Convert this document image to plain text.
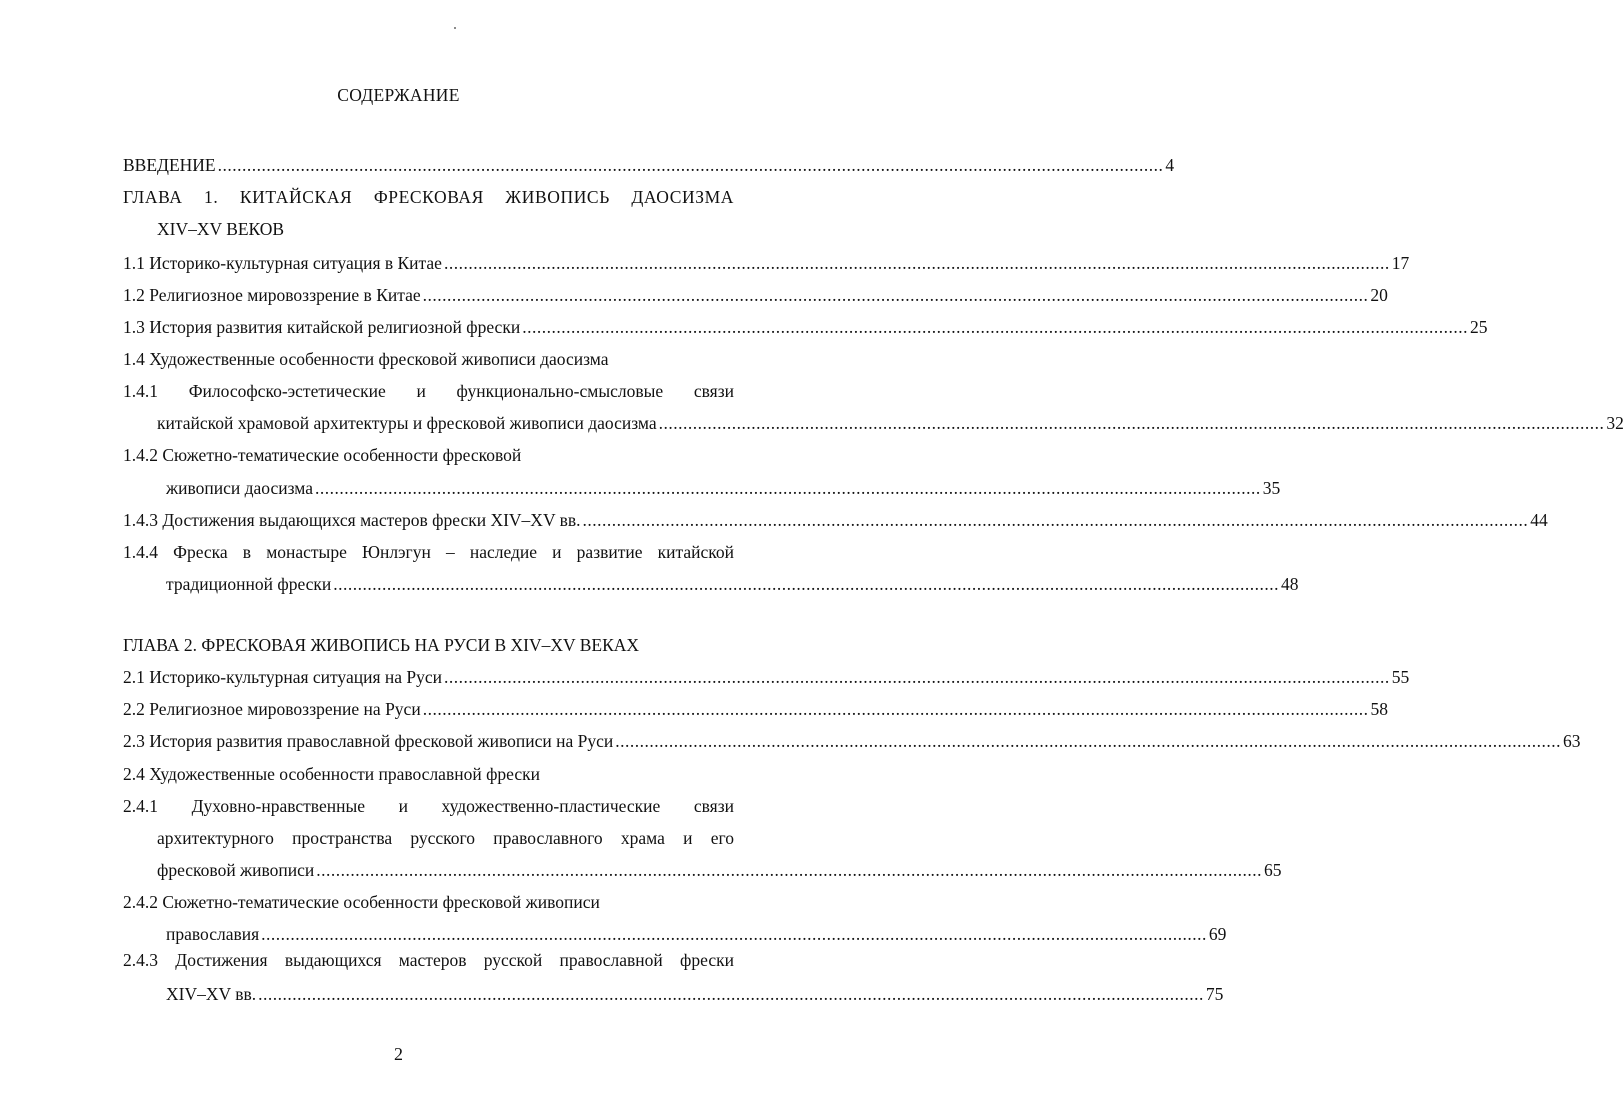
СОДЕРЖАНИЕ
ВВЕДЕНИЕ .................................................................................................................................................................................................. 4
ГЛАВА 1. КИТАЙСКАЯ ФРЕСКОВАЯ ЖИВОПИСЬ ДАОСИЗМА
XIV–XV ВЕКОВ
1.1 Историко-культурная ситуация в Китае .................................................................................................................................................................................................. 17
1.2 Религиозное мировоззрение в Китае .................................................................................................................................................................................................. 20
1.3 История развития китайской религиозной фрески .................................................................................................................................................................................................. 25
1.4 Художественные особенности фресковой живописи даосизма
1.4.1 Философско-эстетические и функционально-смысловые связи
китайской храмовой архитектуры и фресковой живописи даосизма .................................................................................................................................................................................................. 32
1.4.2 Сюжетно-тематические особенности фресковой
живописи даосизма .................................................................................................................................................................................................. 35
1.4.3 Достижения выдающихся мастеров фрески XIV–XV вв. .................................................................................................................................................................................................. 44
1.4.4 Фреска в монастыре Юнлэгун – наследие и развитие китайской
традиционной фрески .................................................................................................................................................................................................. 48
ГЛАВА 2. ФРЕСКОВАЯ ЖИВОПИСЬ НА РУСИ В XIV–XV ВЕКАХ
2.1 Историко-культурная ситуация на Руси .................................................................................................................................................................................................. 55
2.2 Религиозное мировоззрение на Руси .................................................................................................................................................................................................. 58
2.3 История развития православной фресковой живописи на Руси .................................................................................................................................................................................................. 63
2.4 Художественные особенности православной фрески
2.4.1 Духовно-нравственные и художественно-пластические связи
архитектурного пространства русского православного храма и его
фресковой живописи .................................................................................................................................................................................................. 65
2.4.2 Сюжетно-тематические особенности фресковой живописи
православия .................................................................................................................................................................................................. 69
2.4.3 Достижения выдающихся мастеров русской православной фрески
XIV–XV вв. .................................................................................................................................................................................................. 75
2
